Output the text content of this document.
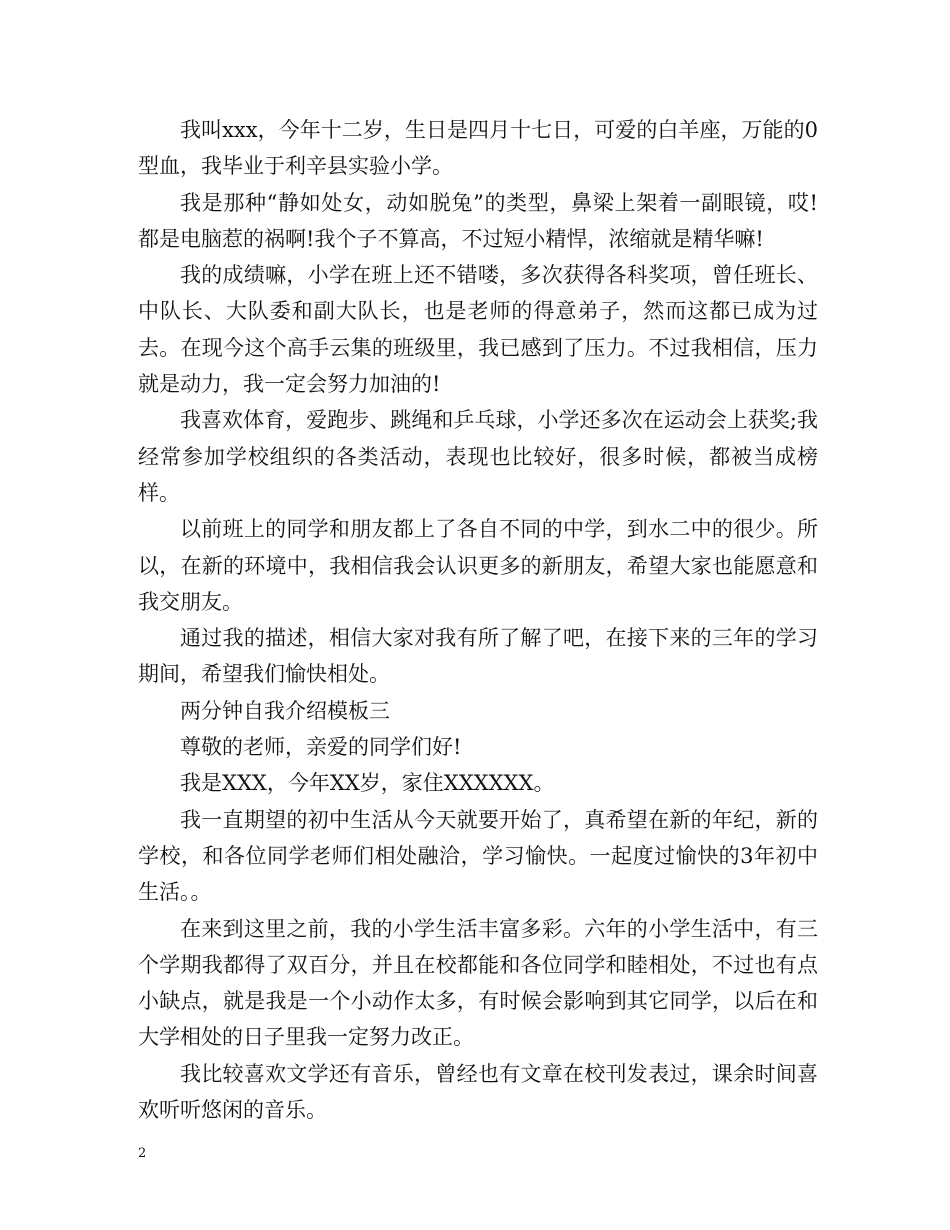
我叫xxx，今年十二岁，生日是四月十七日，可爱的白羊座，万能的0型血，我毕业于利辛县实验小学。

我是那种“静如处女，动如脱兔”的类型，鼻梁上架着一副眼镜，哎!都是电脑惹的祸啊!我个子不算高，不过短小精悍，浓缩就是精华嘛!

我的成绩嘛，小学在班上还不错喽，多次获得各科奖项，曾任班长、中队长、大队委和副大队长，也是老师的得意弟子，然而这都已成为过去。在现今这个高手云集的班级里，我已感到了压力。不过我相信，压力就是动力，我一定会努力加油的!

我喜欢体育，爱跑步、跳绳和乒乓球，小学还多次在运动会上获奖;我经常参加学校组织的各类活动，表现也比较好，很多时候，都被当成榜样。

以前班上的同学和朋友都上了各自不同的中学，到水二中的很少。所以，在新的环境中，我相信我会认识更多的新朋友，希望大家也能愿意和我交朋友。

通过我的描述，相信大家对我有所了解了吧，在接下来的三年的学习期间，希望我们愉快相处。

两分钟自我介绍模板三

尊敬的老师，亲爱的同学们好!

我是XXX，今年XX岁，家住XXXXXX。

我一直期望的初中生活从今天就要开始了，真希望在新的年纪，新的学校，和各位同学老师们相处融洽，学习愉快。一起度过愉快的3年初中生活。。

在来到这里之前，我的小学生活丰富多彩。六年的小学生活中，有三个学期我都得了双百分，并且在校都能和各位同学和睦相处，不过也有点小缺点，就是我是一个小动作太多，有时候会影响到其它同学，以后在和大学相处的日子里我一定努力改正。

我比较喜欢文学还有音乐，曾经也有文章在校刊发表过，课余时间喜欢听听悠闲的音乐。

2
